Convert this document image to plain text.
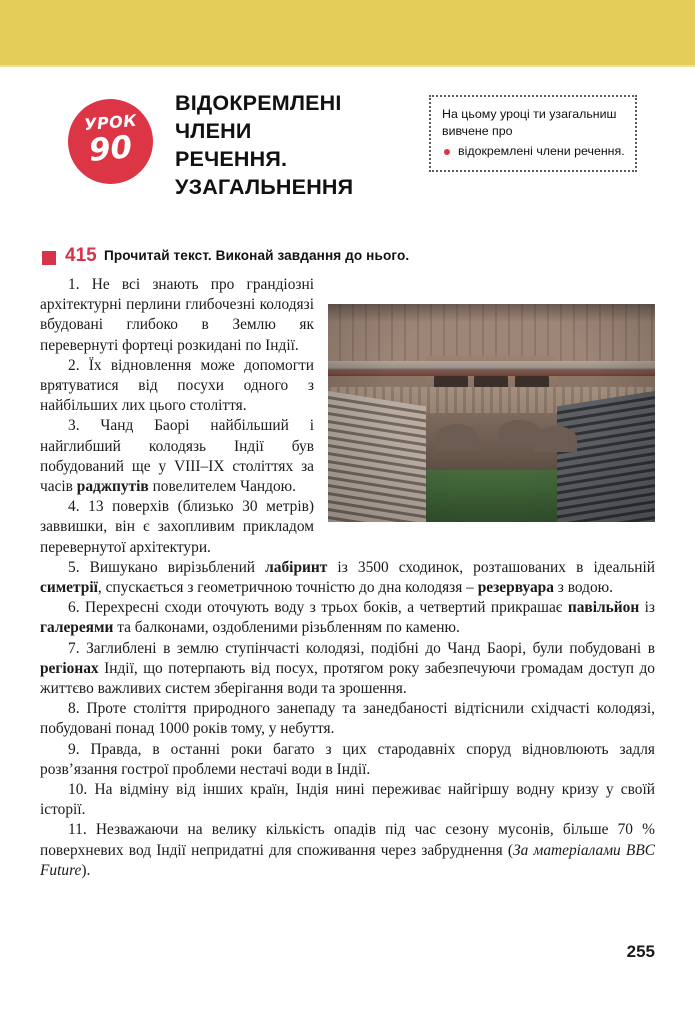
УРОК
90
ВІДОКРЕМЛЕНІ
ЧЛЕНИ
РЕЧЕННЯ.
УЗАГАЛЬНЕННЯ

На цьому уроці ти узагальниш вивчене про

відокремлені члени речення.

415 Прочитай текст. Виконай завдання до нього.

1. Не всі знають про грандіозні архітектурні перлини глибочезні колодязі вбудовані глибоко в Землю як перевернуті фортеці розкидані по Індії.

2. Їх відновлення може допомогти врятуватися від посухи одного з найбільших лих цього століття.

3. Чанд Баорі найбільший і найглибший колодязь Індії був побудований ще у VIII–IX століттях за часів раджпутів повелителем Чандою.

4. 13 поверхів (близько 30 метрів) заввишки, він є захопливим прикладом перевернутої архітектури.

5. Вишукано вирізьблений лабіринт із 3500 сходинок, розташованих в ідеальній симетрії, спускається з геометричною точністю до дна колодязя – резервуара з водою.

6. Перехресні сходи оточують воду з трьох боків, а четвертий прикрашає павільйон із галереями та балконами, оздобленими різьбленням по каменю.

7. Заглиблені в землю ступінчасті колодязі, подібні до Чанд Баорі, були побудовані в регіонах Індії, що потерпають від посух, протягом року забезпечуючи громадам доступ до життєво важливих систем зберігання води та зрошення.

8. Проте століття природного занепаду та занедбаності відтіснили східчасті колодязі, побудовані понад 1000 років тому, у небуття.

9. Правда, в останні роки багато з цих стародавніх споруд відновлюють задля розв’язання гострої проблеми нестачі води в Індії.

10. На відміну від інших країн, Індія нині переживає найгіршу водну кризу у своїй історії.

11. Незважаючи на велику кількість опадів під час сезону мусонів, більше 70 % поверхневих вод Індії непридатні для споживання через забруднення (За матеріалами BBC Future).

255
